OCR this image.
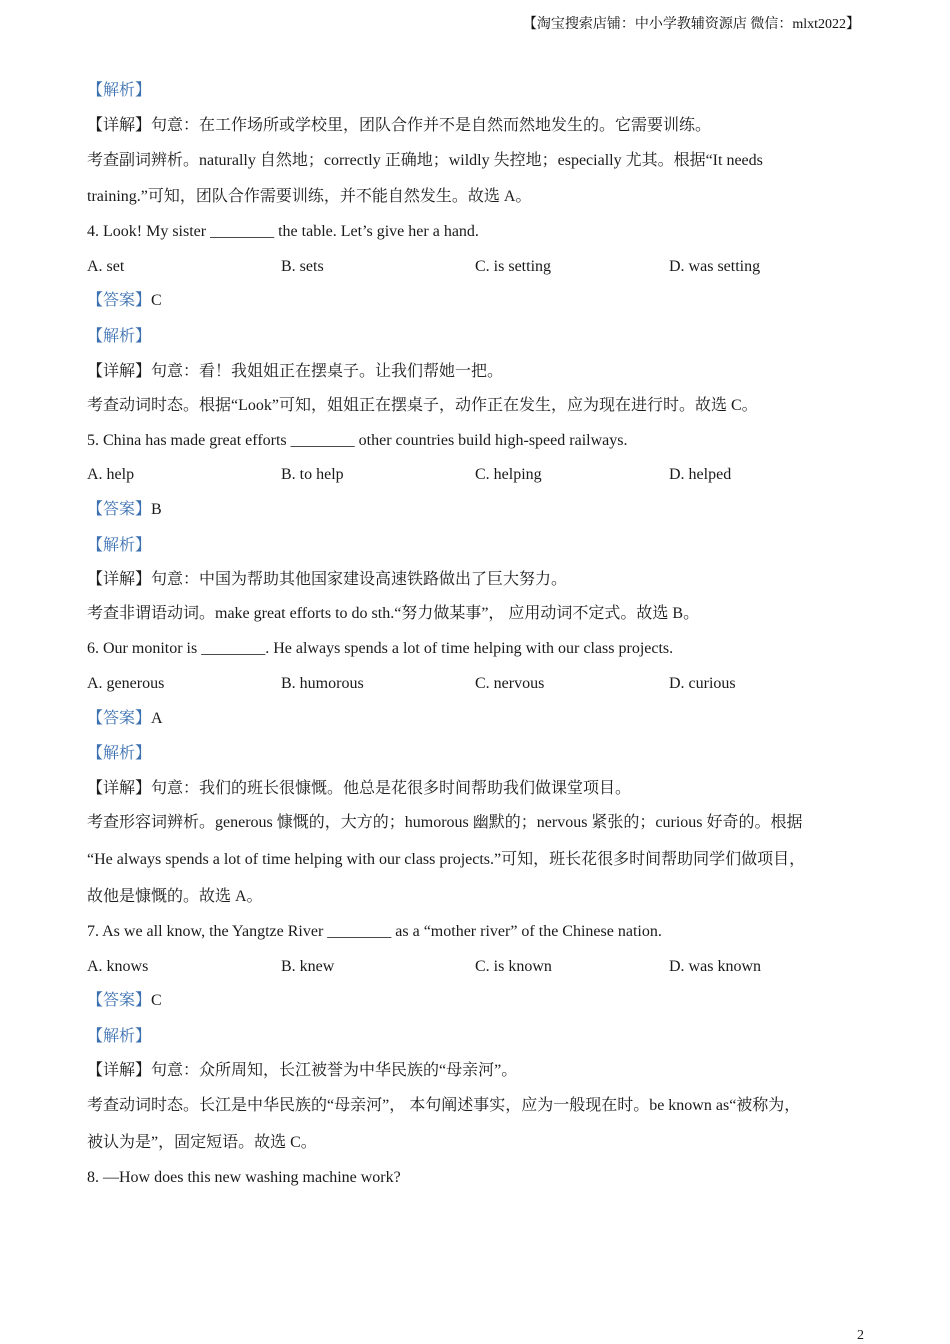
【淘宝搜索店铺：中小学教辅资源店 微信：mlxt2022】
【解析】
【详解】句意：在工作场所或学校里，团队合作并不是自然而然地发生的。它需要训练。
考查副词辨析。naturally 自然地；correctly 正确地；wildly 失控地；especially 尤其。根据“It needs
training.”可知，团队合作需要训练，并不能自然发生。故选 A。
4. Look! My sister ________ the table. Let’s give her a hand.
A. set	B. sets	C. is setting	D. was setting
【答案】C
【解析】
【详解】句意：看！我姐姐正在摆桌子。让我们帮她一把。
考查动词时态。根据“Look”可知，姐姐正在摆桌子，动作正在发生，应为现在进行时。故选 C。
5. China has made great efforts ________ other countries build high-speed railways.
A. help	B. to help	C. helping	D. helped
【答案】B
【解析】
【详解】句意：中国为帮助其他国家建设高速铁路做出了巨大努力。
考查非谓语动词。make great efforts to do sth.“努力做某事”， 应用动词不定式。故选 B。
6. Our monitor is ________. He always spends a lot of time helping with our class projects.
A. generous	B. humorous	C. nervous	D. curious
【答案】A
【解析】
【详解】句意：我们的班长很慷慨。他总是花很多时间帮助我们做课堂项目。
考查形容词辨析。generous 慷慨的，大方的；humorous 幽默的；nervous 紧张的；curious 好奇的。根据
“He always spends a lot of time helping with our class projects.”可知，班长花很多时间帮助同学们做项目，
故他是慷慨的。故选 A。
7. As we all know, the Yangtze River ________ as a “mother river” of the Chinese nation.
A. knows	B. knew	C. is known	D. was known
【答案】C
【解析】
【详解】句意：众所周知，长江被誉为中华民族的“母亲河”。
考查动词时态。长江是中华民族的“母亲河”， 本句阐述事实，应为一般现在时。be known as“被称为，
被认为是”，固定短语。故选 C。
8. —How does this new washing machine work?
2
